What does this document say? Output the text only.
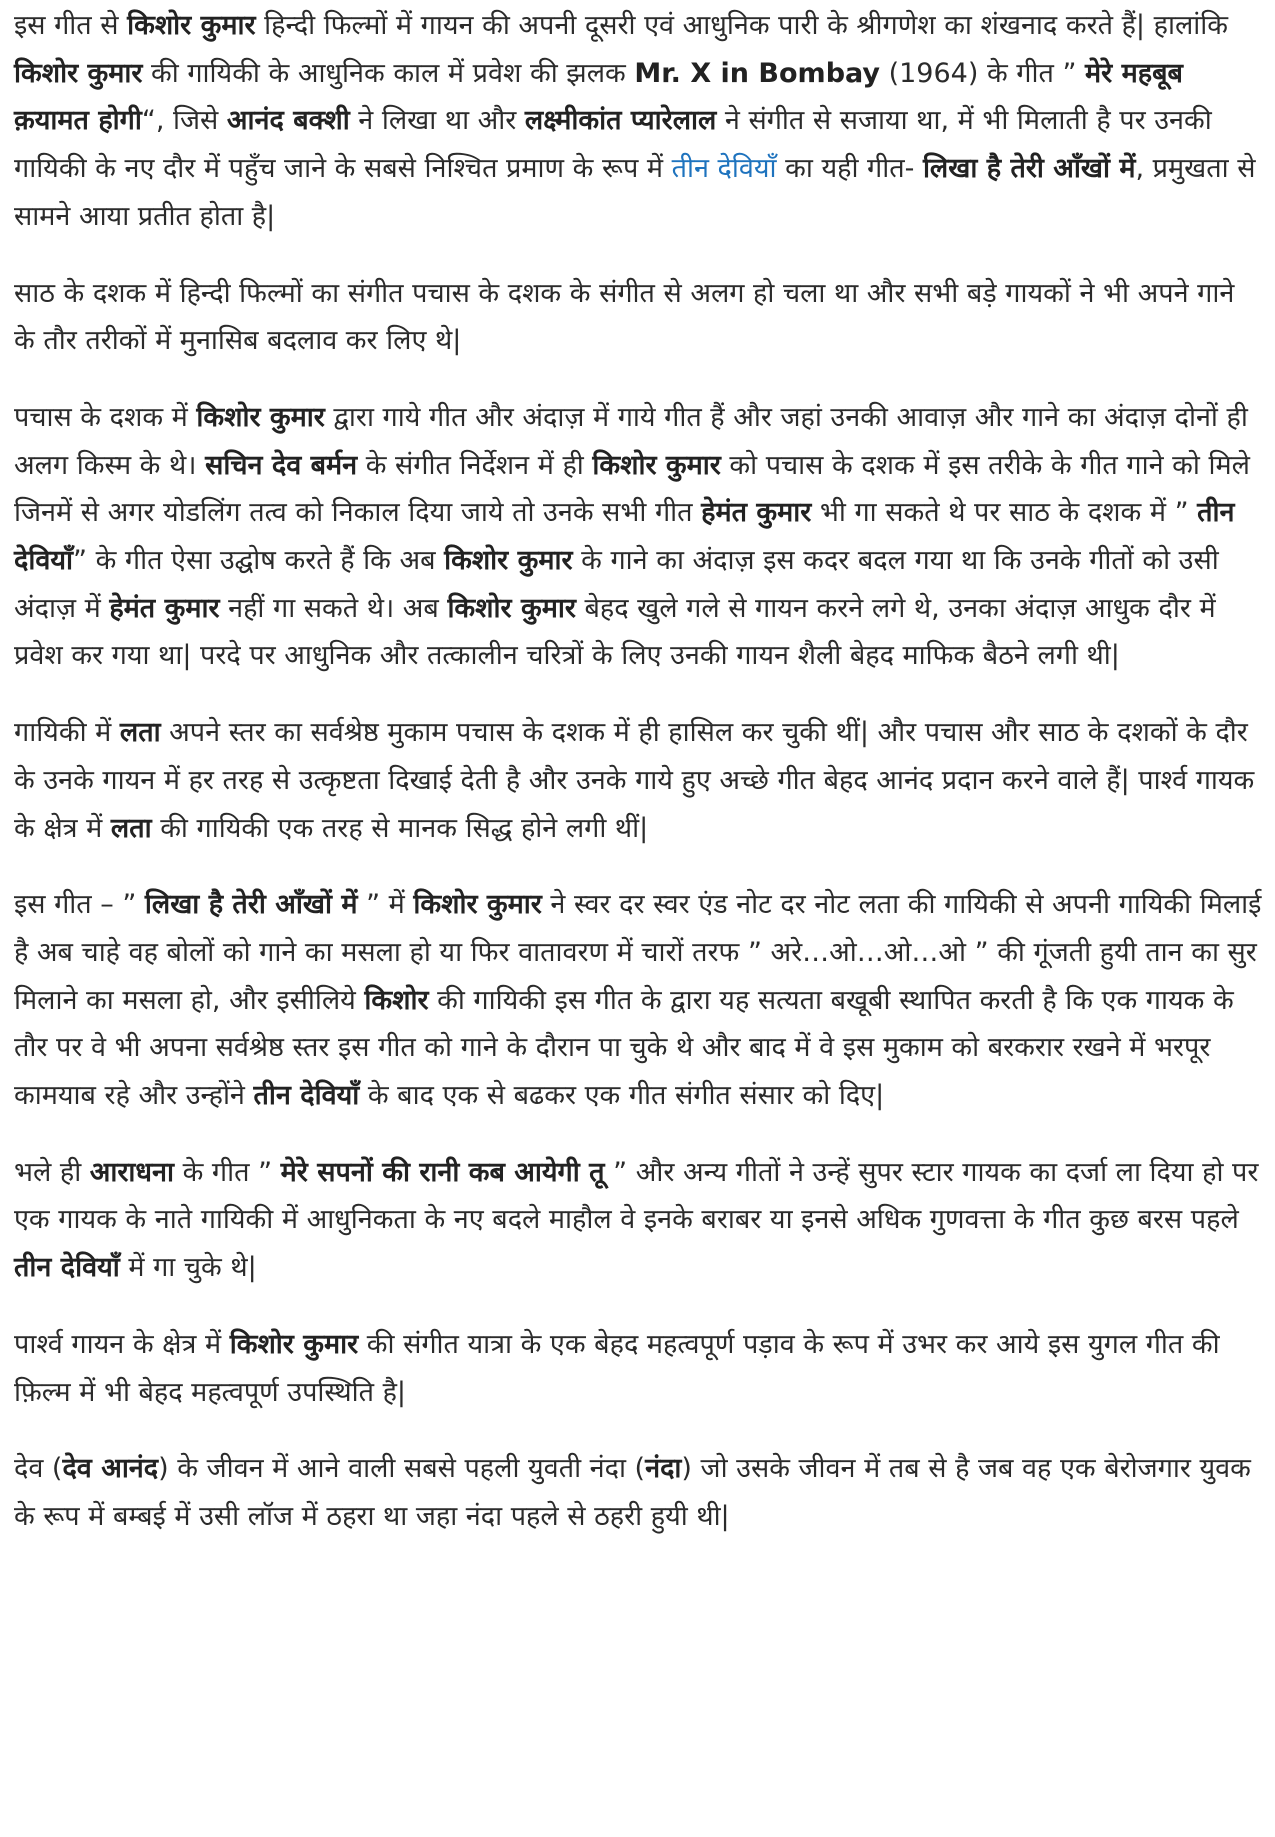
इस गीत से किशोर कुमार हिन्दी फिल्मों में गायन की अपनी दूसरी एवं आधुनिक पारी के श्रीगणेश का शंखनाद करते हैं| हालांकि किशोर कुमार की गायिकी के आधुनिक काल में प्रवेश की झलक Mr. X in Bombay (1964) के गीत ” मेरे महबूब क़यामत होगी“, जिसे आनंद बक्शी ने लिखा था और लक्ष्मीकांत प्यारेलाल ने संगीत से सजाया था, में भी मिलाती है पर उनकी गायिकी के नए दौर में पहुँच जाने के सबसे निश्चित प्रमाण के रूप में तीन देवियाँ का यही गीत- लिखा है तेरी आँखों में, प्रमुखता से सामने आया प्रतीत होता है|

साठ के दशक में हिन्दी फिल्मों का संगीत पचास के दशक के संगीत से अलग हो चला था और सभी बड़े गायकों ने भी अपने गाने के तौर तरीकों में मुनासिब बदलाव कर लिए थे|

पचास के दशक में किशोर कुमार द्वारा गाये गीत और अंदाज़ में गाये गीत हैं और जहां उनकी आवाज़ और गाने का अंदाज़ दोनों ही अलग किस्म के थे। सचिन देव बर्मन के संगीत निर्देशन में ही किशोर कुमार को पचास के दशक में इस तरीके के गीत गाने को मिले जिनमें से अगर योडलिंग तत्व को निकाल दिया जाये तो उनके सभी गीत हेमंत कुमार भी गा सकते थे पर साठ के दशक में ” तीन देवियाँ” के गीत ऐसा उद्घोष करते हैं कि अब किशोर कुमार के गाने का अंदाज़ इस कदर बदल गया था कि उनके गीतों को उसी अंदाज़ में हेमंत कुमार नहीं गा सकते थे। अब किशोर कुमार बेहद खुले गले से गायन करने लगे थे, उनका अंदाज़ आधुक दौर में प्रवेश कर गया था| परदे पर आधुनिक और तत्कालीन चरित्रों के लिए उनकी गायन शैली बेहद माफिक बैठने लगी थी|

गायिकी में लता अपने स्तर का सर्वश्रेष्ठ मुकाम पचास के दशक में ही हासिल कर चुकी थीं| और पचास और साठ के दशकों के दौर के उनके गायन में हर तरह से उत्कृष्टता दिखाई देती है और उनके गाये हुए अच्छे गीत बेहद आनंद प्रदान करने वाले हैं| पार्श्व गायक के क्षेत्र में लता की गायिकी एक तरह से मानक सिद्ध होने लगी थीं|

इस गीत – ” लिखा है तेरी आँखों में ” में किशोर कुमार ने स्वर दर स्वर एंड नोट दर नोट लता की गायिकी से अपनी गायिकी मिलाई है अब चाहे वह बोलों को गाने का मसला हो या फिर वातावरण में चारों तरफ ” अरे…ओ…ओ…ओ ” की गूंजती हुयी तान का सुर मिलाने का मसला हो, और इसीलिये किशोर की गायिकी इस गीत के द्वारा यह सत्यता बखूबी स्थापित करती है कि एक गायक के तौर पर वे भी अपना सर्वश्रेष्ठ स्तर इस गीत को गाने के दौरान पा चुके थे और बाद में वे इस मुकाम को बरकरार रखने में भरपूर कामयाब रहे और उन्होंने तीन देवियाँ के बाद एक से बढकर एक गीत संगीत संसार को दिए|

भले ही आराधना के गीत ” मेरे सपनों की रानी कब आयेगी तू ” और अन्य गीतों ने उन्हें सुपर स्टार गायक का दर्जा ला दिया हो पर एक गायक के नाते गायिकी में आधुनिकता के नए बदले माहौल वे इनके बराबर या इनसे अधिक गुणवत्ता के गीत कुछ बरस पहले तीन देवियाँ में गा चुके थे|

पार्श्व गायन के क्षेत्र में किशोर कुमार की संगीत यात्रा के एक बेहद महत्वपूर्ण पड़ाव के रूप में उभर कर आये इस युगल गीत की फ़िल्म में भी बेहद महत्वपूर्ण उपस्थिति है|

देव (देव आनंद) के जीवन में आने वाली सबसे पहली युवती नंदा (नंदा) जो उसके जीवन में तब से है जब वह एक बेरोजगार युवक के रूप में बम्बई में उसी लॉज में ठहरा था जहा नंदा पहले से ठहरी हुयी थी|
